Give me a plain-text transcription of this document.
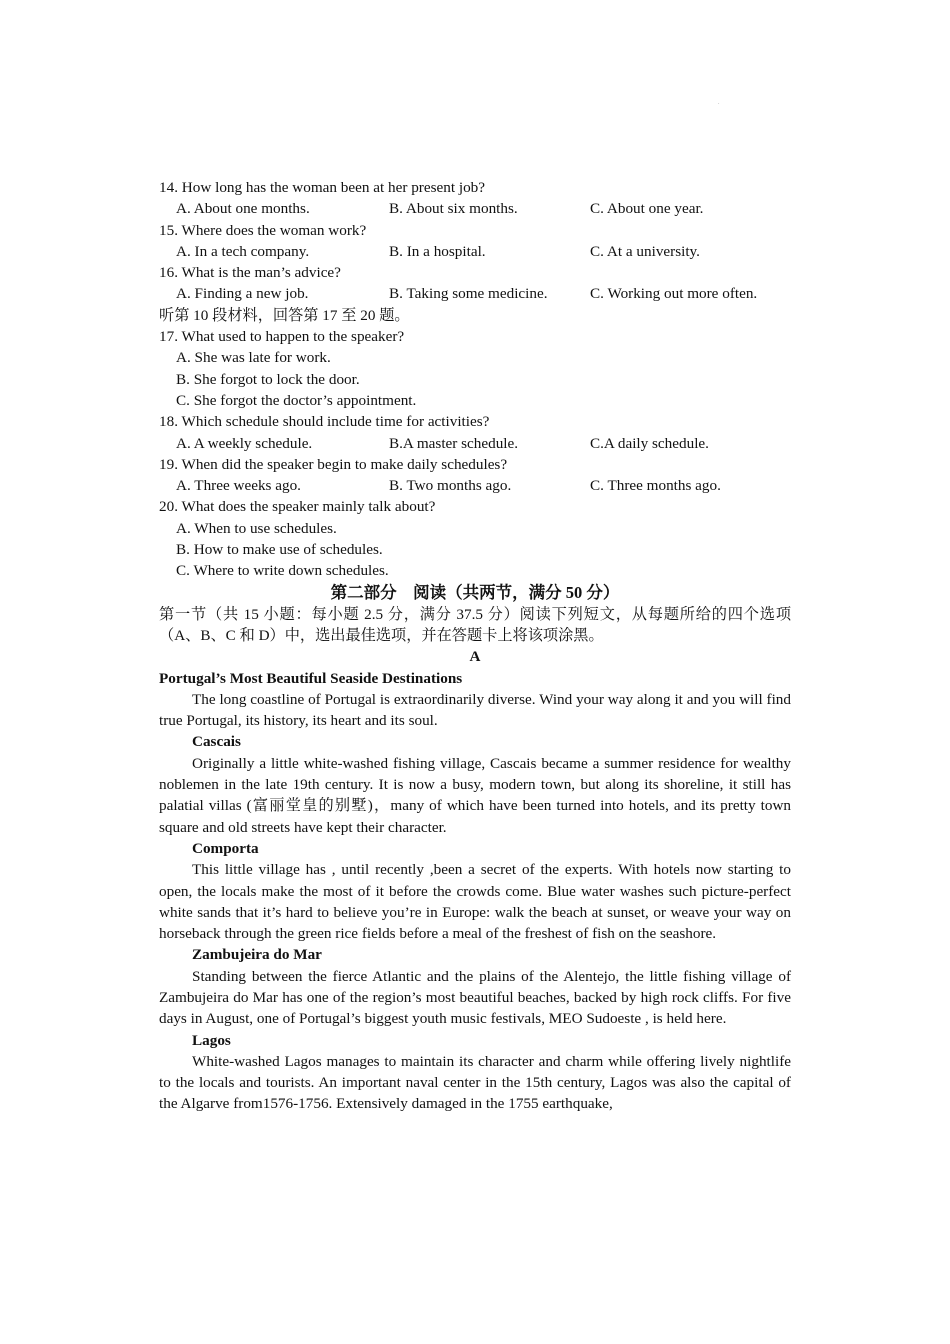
.
14. How long has the woman been at her present job?
A. About one months.	B. About six months.	C. About one year.
15. Where does the woman work?
A. In a tech company.	B. In a hospital.	C. At a university.
16. What is the man’s advice?
A. Finding a new job.	B. Taking some medicine.	C. Working out more often.
听第 10 段材料，回答第 17 至 20 题。
17. What used to happen to the speaker?
A. She was late for work.
B. She forgot to lock the door.
C. She forgot the doctor’s appointment.
18. Which schedule should include time for activities?
A. A weekly schedule.	B.A master schedule.	C.A daily schedule.
19. When did the speaker begin to make daily schedules?
A. Three weeks ago.	B. Two months ago.	C. Three months ago.
20. What does the speaker mainly talk about?
A. When to use schedules.
B. How to make use of schedules.
C. Where to write down schedules.
第二部分　阅读（共两节，满分 50 分）
第一节（共 15 小题：每小题 2.5 分，满分 37.5 分）阅读下列短文，从每题所给的四个选项（A、B、C 和 D）中，选出最佳选项，并在答题卡上将该项涂黑。
A
Portugal’s Most Beautiful Seaside Destinations
The long coastline of Portugal is extraordinarily diverse. Wind your way along it and you will find true Portugal, its history, its heart and its soul.
Cascais
Originally a little white-washed fishing village, Cascais became a summer residence for wealthy noblemen in the late 19th century. It is now a busy, modern town, but along its shoreline, it still has palatial villas (富丽堂皇的别墅)，many of which have been turned into hotels, and its pretty town square and old streets have kept their character.
Comporta
This little village has , until recently ,been a secret of the experts. With hotels now starting to open, the locals make the most of it before the crowds come. Blue water washes such picture-perfect white sands that it’s hard to believe you’re in Europe: walk the beach at sunset, or weave your way on horseback through the green rice fields before a meal of the freshest of fish on the seashore.
Zambujeira do Mar
Standing between the fierce Atlantic and the plains of the Alentejo, the little fishing village of Zambujeira do Mar has one of the region’s most beautiful beaches, backed by high rock cliffs. For five days in August, one of Portugal’s biggest youth music festivals, MEO Sudoeste , is held here.
Lagos
White-washed Lagos manages to maintain its character and charm while offering lively nightlife to the locals and tourists. An important naval center in the 15th century, Lagos was also the capital of the Algarve from1576-1756. Extensively damaged in the 1755 earthquake,
